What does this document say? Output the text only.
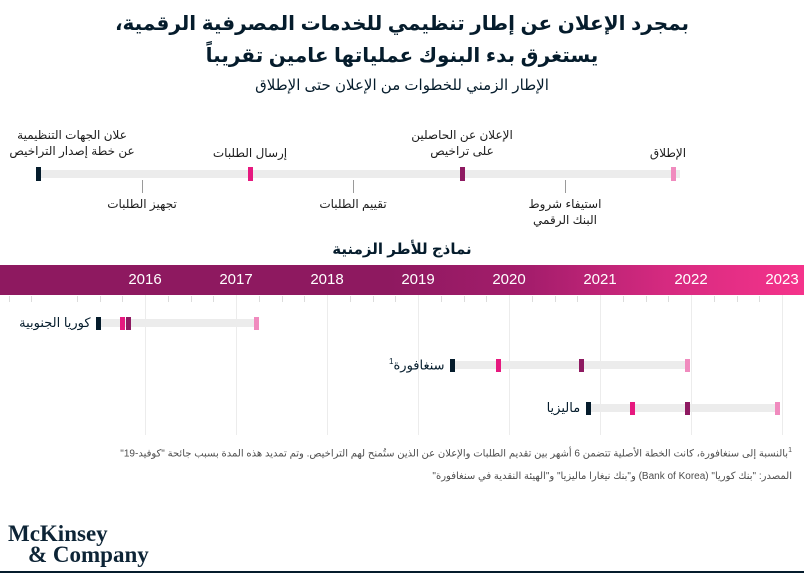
بمجرد الإعلان عن إطار تنظيمي للخدمات المصرفية الرقمية،
يستغرق بدء البنوك عملياتها عامين تقريباً
الإطار الزمني للخطوات من الإعلان حتى الإطلاق
علان الجهات التنظيمية
عن خطة إصدار التراخيص	إرسال الطلبات
الإعلان عن الحاصلين
على تراخيص	الإطلاق
تجهيز الطلبات	تقييم الطلبات	استيفاء شروط
البنك الرقمي
نماذج للأطر الزمنية
2016	2017	2018	2019	2020	2021	2022	2023
كوريا الجنوبية
سنغافورة$^1$
ماليزيا
$^1$بالنسبة إلى سنغافورة، كانت الخطة الأصلية تتضمن 6 أشهر بين تقديم الطلبات والإعلان عن الذين ستُمنح لهم التراخيص. وتم تمديد هذه المدة بسبب جائحة "كوفيد-19"
المصدر: "بنك كوريا" (Bank of Korea) و"بنك نيغارا ماليزيا" و"الهيئة النقدية في سنغافورة"
McKinsey
& Company
